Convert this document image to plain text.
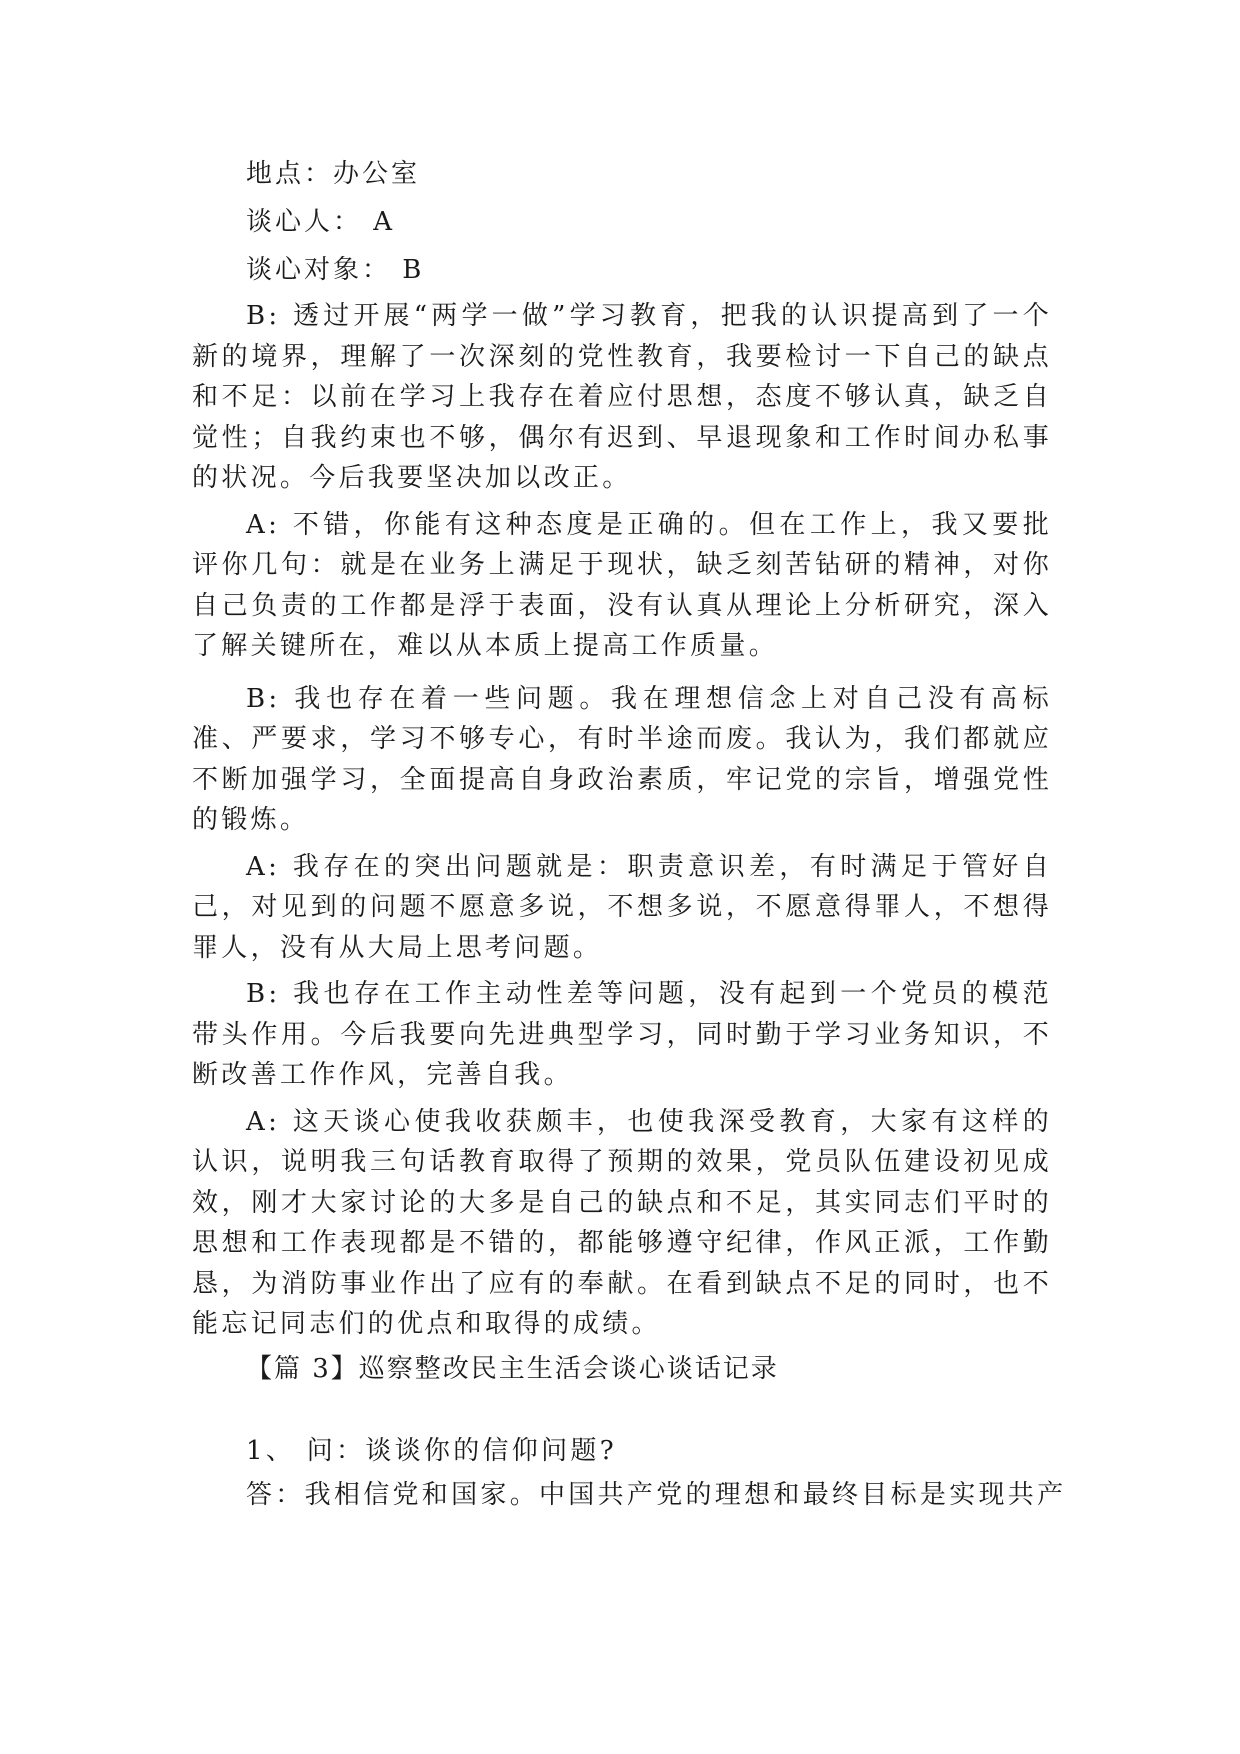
地点：办公室

谈心人： A

谈心对象： B

B: 透过开展“两学一做”学习教育，把我的认识提高到了一个新的境界，理解了一次深刻的党性教育，我要检讨一下自己的缺点和不足：以前在学习上我存在着应付思想，态度不够认真，缺乏自觉性；自我约束也不够，偶尔有迟到、早退现象和工作时间办私事的状况。今后我要坚决加以改正。

A: 不错，你能有这种态度是正确的。但在工作上，我又要批评你几句：就是在业务上满足于现状，缺乏刻苦钻研的精神，对你自己负责的工作都是浮于表面，没有认真从理论上分析研究，深入了解关键所在，难以从本质上提高工作质量。

B: 我也存在着一些问题。我在理想信念上对自己没有高标准、严要求，学习不够专心，有时半途而废。我认为，我们都就应不断加强学习，全面提高自身政治素质，牢记党的宗旨，增强党性的锻炼。

A: 我存在的突出问题就是：职责意识差，有时满足于管好自己，对见到的问题不愿意多说，不想多说，不愿意得罪人，不想得罪人，没有从大局上思考问题。

B: 我也存在工作主动性差等问题，没有起到一个党员的模范带头作用。今后我要向先进典型学习，同时勤于学习业务知识，不断改善工作作风，完善自我。

A: 这天谈心使我收获颇丰，也使我深受教育，大家有这样的认识，说明我三句话教育取得了预期的效果，党员队伍建设初见成效，刚才大家讨论的大多是自己的缺点和不足，其实同志们平时的思想和工作表现都是不错的，都能够遵守纪律，作风正派，工作勤恳，为消防事业作出了应有的奉献。在看到缺点不足的同时，也不能忘记同志们的优点和取得的成绩。

【篇 3】巡察整改民主生活会谈心谈话记录

1、 问：谈谈你的信仰问题?

答：我相信党和国家。中国共产党的理想和最终目标是实现共产
